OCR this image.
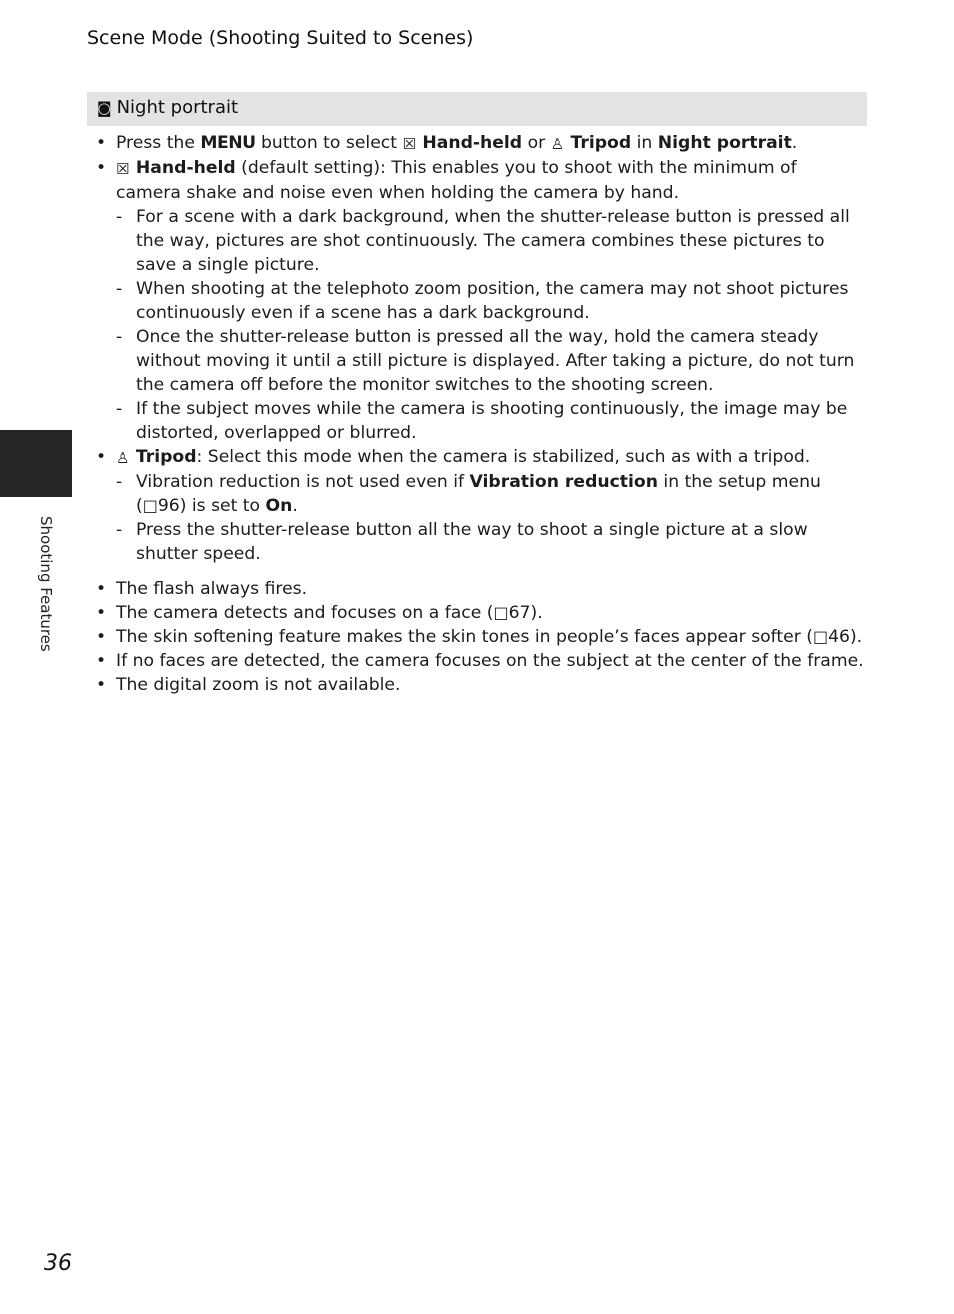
Scene Mode (Shooting Suited to Scenes)
◙ Night portrait
• Press the MENU button to select ☒ Hand-held or ♙ Tripod in Night portrait.
• ☒ Hand-held (default setting): This enables you to shoot with the minimum of camera shake and noise even when holding the camera by hand.
- For a scene with a dark background, when the shutter-release button is pressed all the way, pictures are shot continuously. The camera combines these pictures to save a single picture.
- When shooting at the telephoto zoom position, the camera may not shoot pictures continuously even if a scene has a dark background.
- Once the shutter-release button is pressed all the way, hold the camera steady without moving it until a still picture is displayed. After taking a picture, do not turn the camera off before the monitor switches to the shooting screen.
- If the subject moves while the camera is shooting continuously, the image may be distorted, overlapped or blurred.
• ♙ Tripod: Select this mode when the camera is stabilized, such as with a tripod.
- Vibration reduction is not used even if Vibration reduction in the setup menu (□96) is set to On.
- Press the shutter-release button all the way to shoot a single picture at a slow shutter speed.
• The flash always fires.
• The camera detects and focuses on a face (□67).
• The skin softening feature makes the skin tones in people’s faces appear softer (□46).
• If no faces are detected, the camera focuses on the subject at the center of the frame.
• The digital zoom is not available.
Shooting Features
36
